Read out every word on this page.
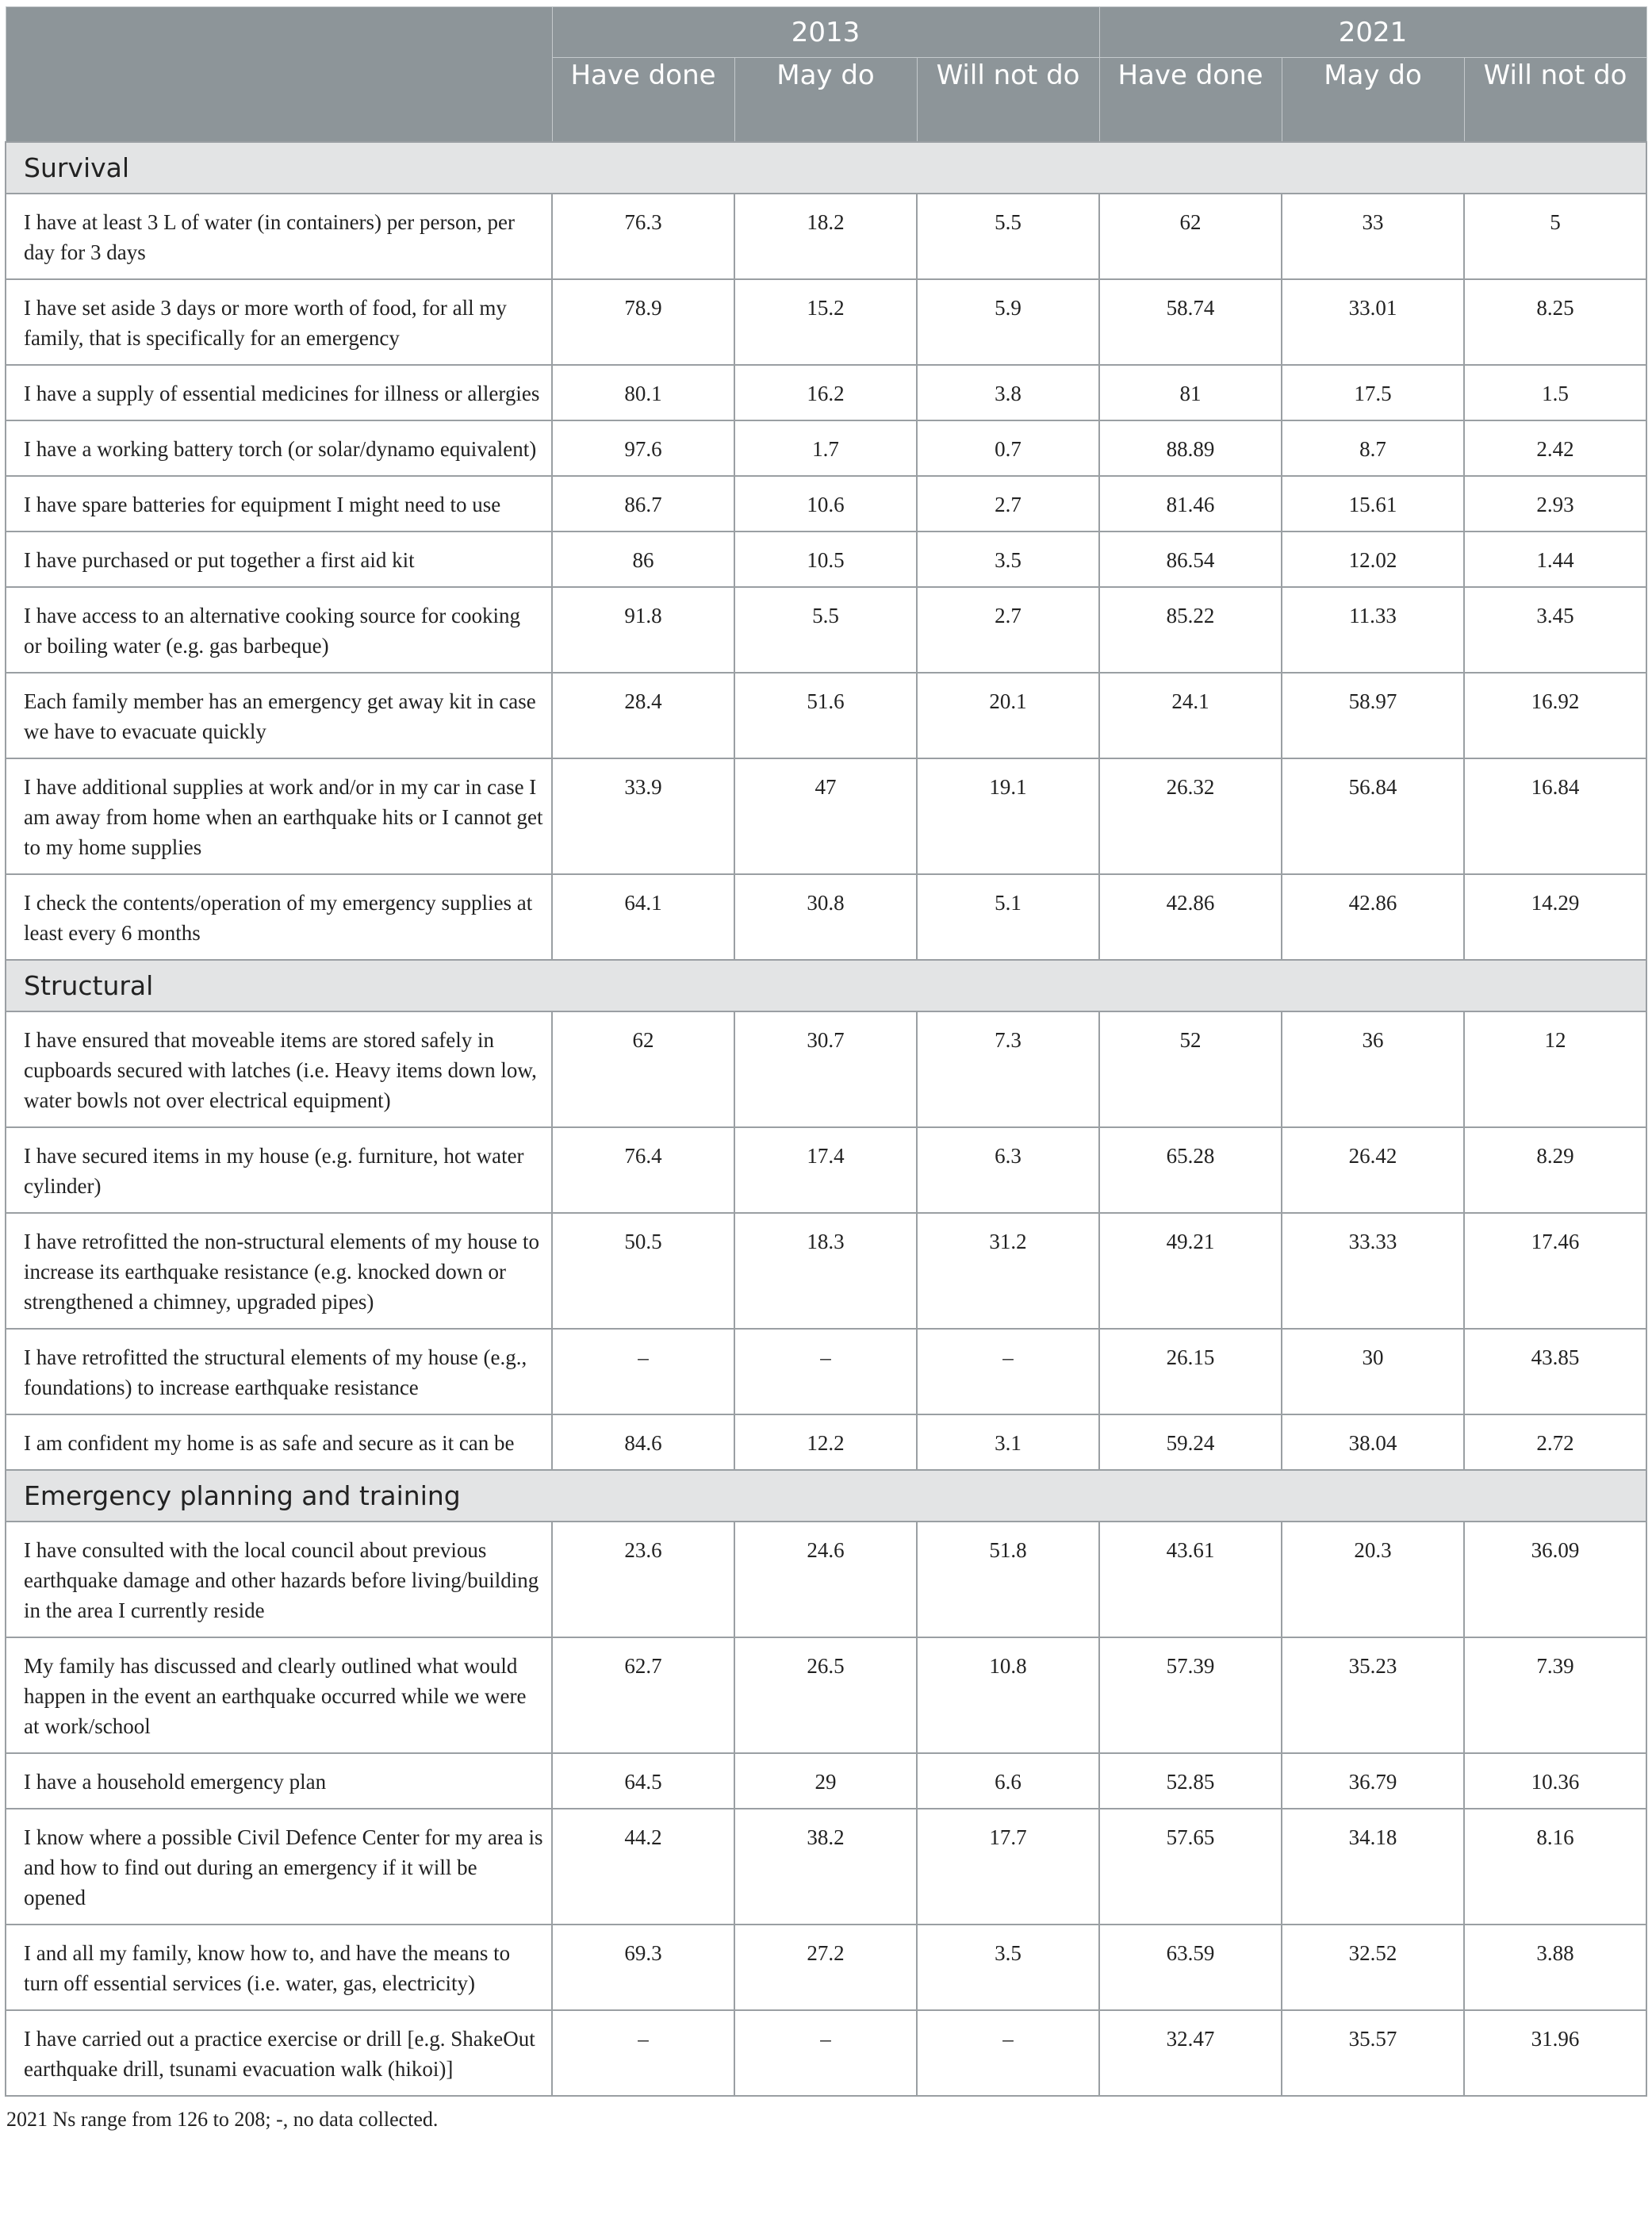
	2013			2021		
	Have done	May do	Will not do	Have done	May do	Will not do
Survival						
I have at least 3 L of water (in containers) per person, per day for 3 days	76.3	18.2	5.5	62	33	5
I have set aside 3 days or more worth of food, for all my family, that is specifically for an emergency	78.9	15.2	5.9	58.74	33.01	8.25
I have a supply of essential medicines for illness or allergies	80.1	16.2	3.8	81	17.5	1.5
I have a working battery torch (or solar/dynamo equivalent)	97.6	1.7	0.7	88.89	8.7	2.42
I have spare batteries for equipment I might need to use	86.7	10.6	2.7	81.46	15.61	2.93
I have purchased or put together a first aid kit	86	10.5	3.5	86.54	12.02	1.44
I have access to an alternative cooking source for cooking or boiling water (e.g. gas barbeque)	91.8	5.5	2.7	85.22	11.33	3.45
Each family member has an emergency get away kit in case we have to evacuate quickly	28.4	51.6	20.1	24.1	58.97	16.92
I have additional supplies at work and/or in my car in case I am away from home when an earthquake hits or I cannot get to my home supplies	33.9	47	19.1	26.32	56.84	16.84
I check the contents/operation of my emergency supplies at least every 6 months	64.1	30.8	5.1	42.86	42.86	14.29
Structural						
I have ensured that moveable items are stored safely in cupboards secured with latches (i.e. Heavy items down low, water bowls not over electrical equipment)	62	30.7	7.3	52	36	12
I have secured items in my house (e.g. furniture, hot water cylinder)	76.4	17.4	6.3	65.28	26.42	8.29
I have retrofitted the non-structural elements of my house to increase its earthquake resistance (e.g. knocked down or strengthened a chimney, upgraded pipes)	50.5	18.3	31.2	49.21	33.33	17.46
I have retrofitted the structural elements of my house (e.g., foundations) to increase earthquake resistance	–	–	–	26.15	30	43.85
I am confident my home is as safe and secure as it can be	84.6	12.2	3.1	59.24	38.04	2.72
Emergency planning and training						
I have consulted with the local council about previous earthquake damage and other hazards before living/building in the area I currently reside	23.6	24.6	51.8	43.61	20.3	36.09
My family has discussed and clearly outlined what would happen in the event an earthquake occurred while we were at work/school	62.7	26.5	10.8	57.39	35.23	7.39
I have a household emergency plan	64.5	29	6.6	52.85	36.79	10.36
I know where a possible Civil Defence Center for my area is and how to find out during an emergency if it will be opened	44.2	38.2	17.7	57.65	34.18	8.16
I and all my family, know how to, and have the means to turn off essential services (i.e. water, gas, electricity)	69.3	27.2	3.5	63.59	32.52	3.88
I have carried out a practice exercise or drill [e.g. ShakeOut earthquake drill, tsunami evacuation walk (hikoi)]	–	–	–	32.47	35.57	31.96
2021 Ns range from 126 to 208; -, no data collected.
